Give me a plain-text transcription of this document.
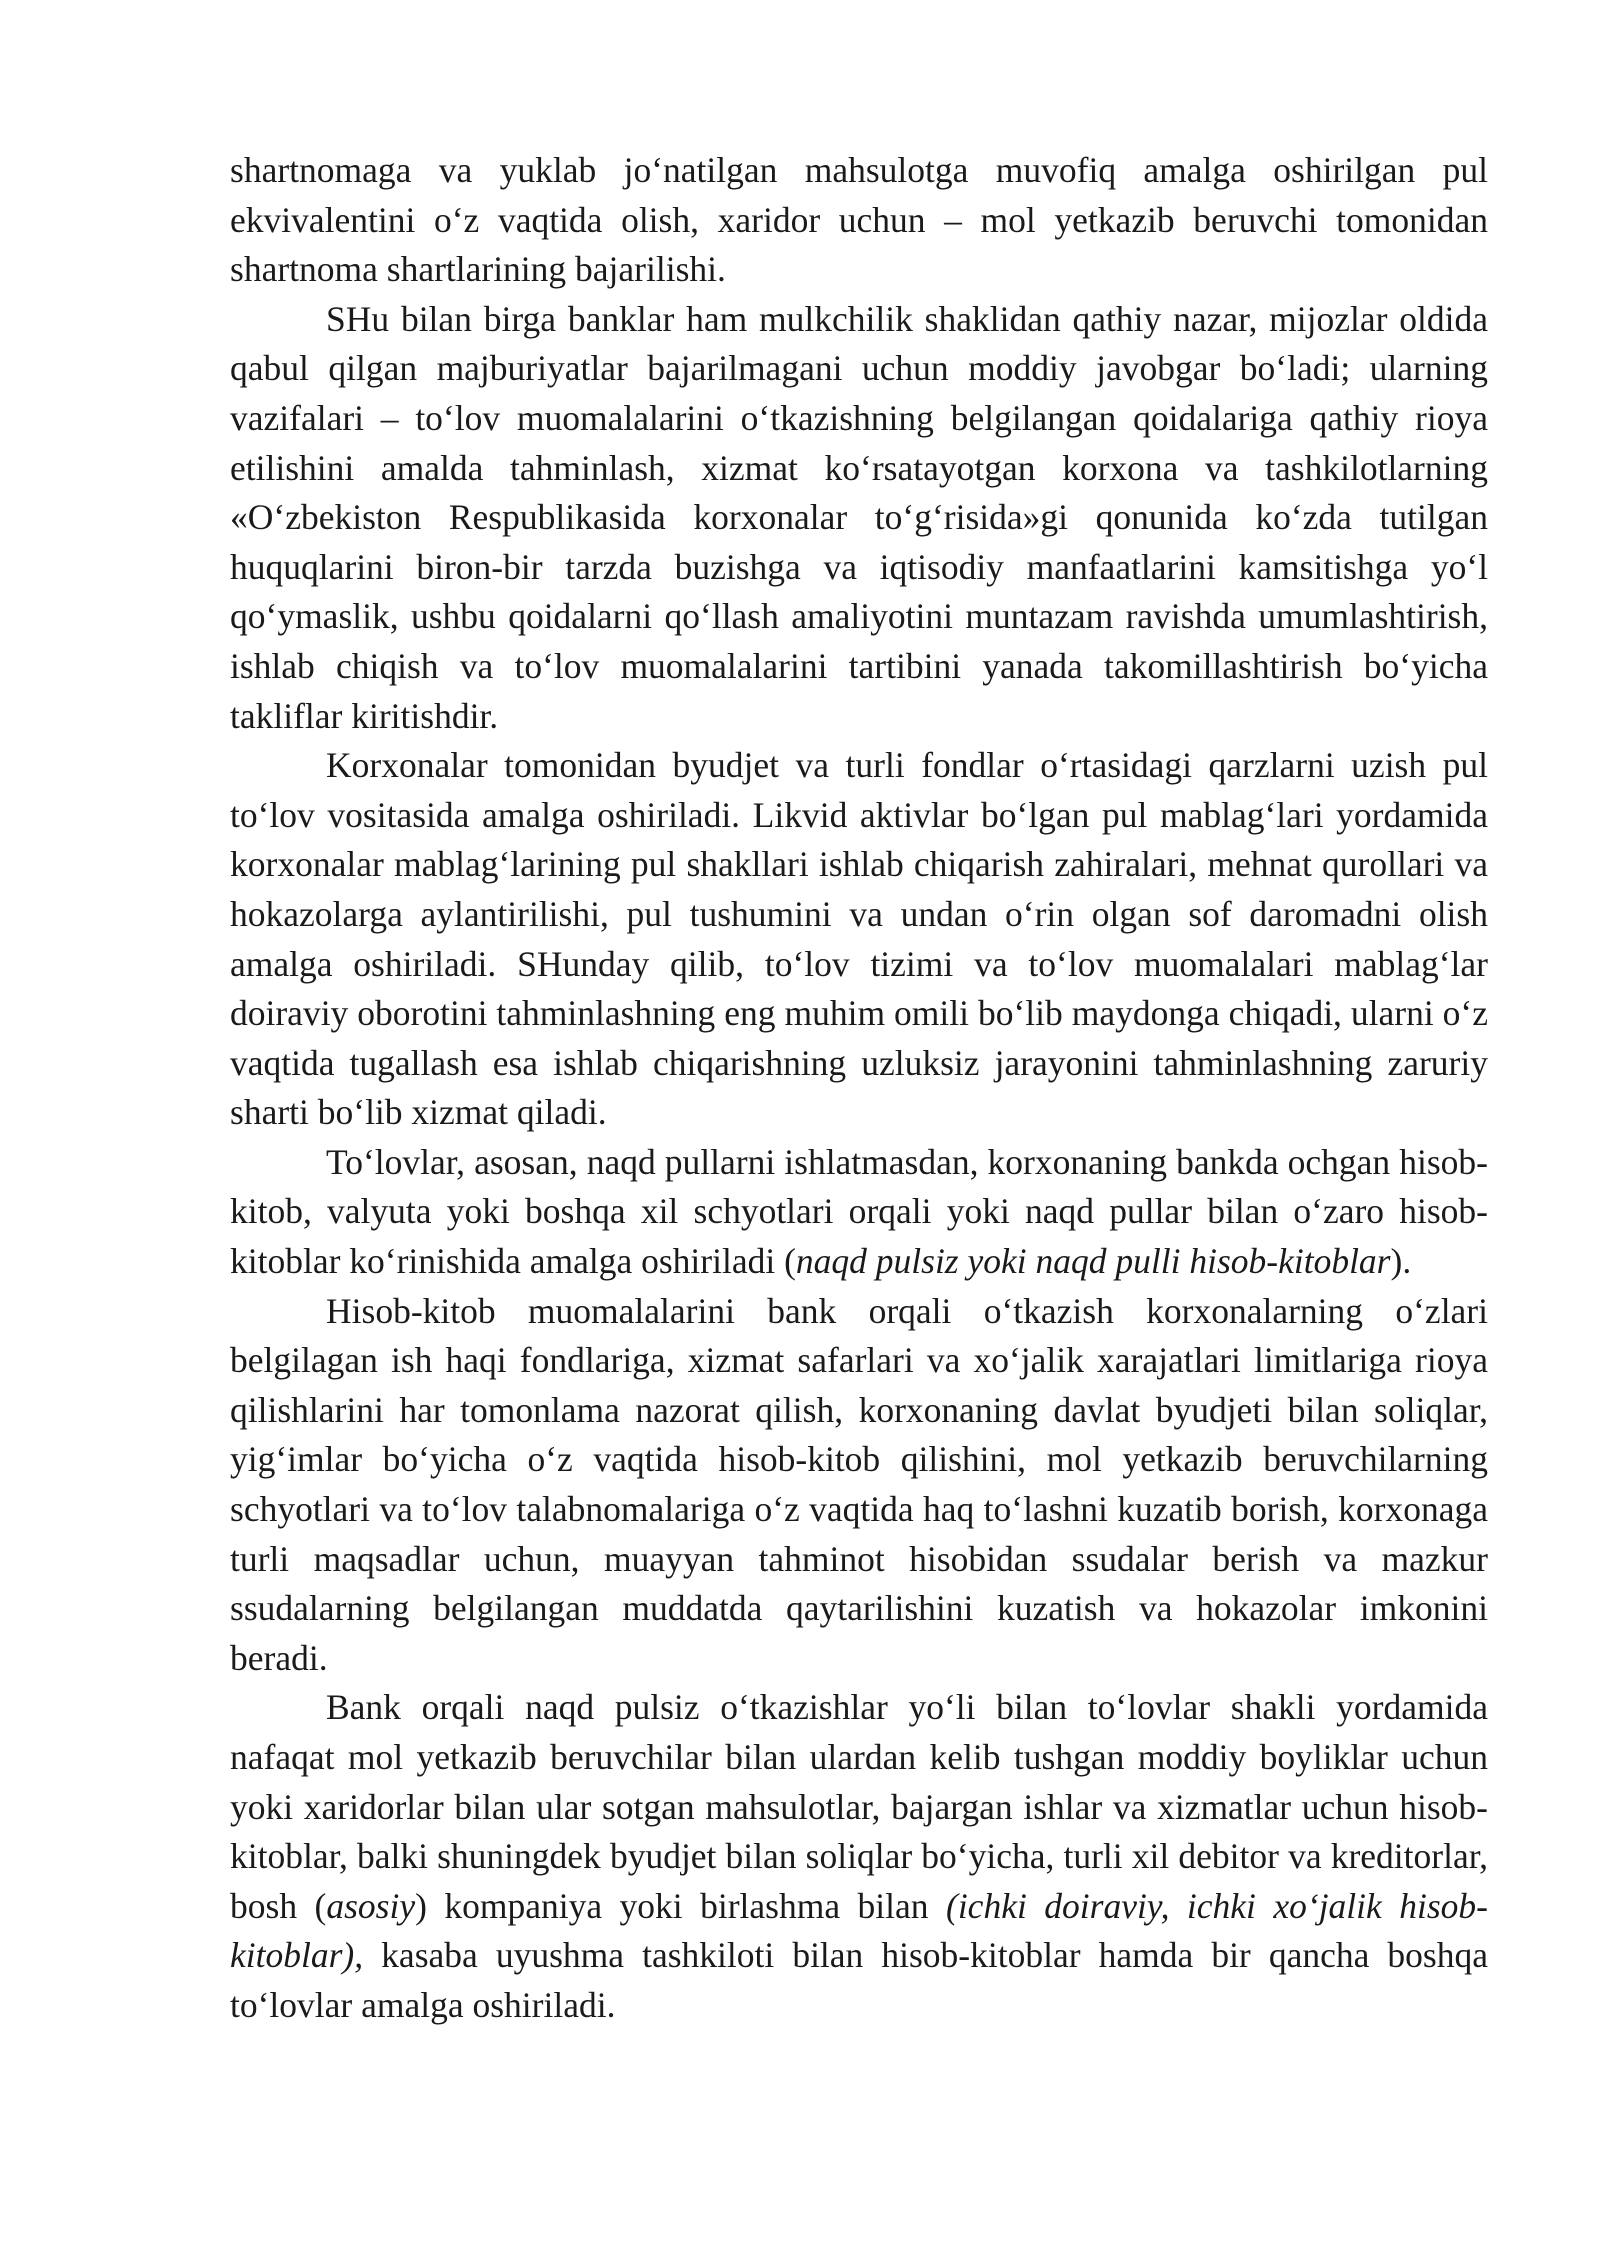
shartnomaga va yuklab joʻnatilgan mahsulotga muvofiq amalga oshirilgan pul ekvivalentini oʻz vaqtida olish, xaridor uchun – mol yetkazib beruvchi tomonidan shartnoma shartlarining bajarilishi.

SHu bilan birga banklar ham mulkchilik shaklidan qathiy nazar, mijozlar oldida qabul qilgan majburiyatlar bajarilmagani uchun moddiy javobgar boʻladi; ularning vazifalari – toʻlov muomalalarini oʻtkazishning belgilangan qoidalariga qathiy rioya etilishini amalda tahminlash, xizmat koʻrsatayotgan korxona va tashkilotlarning «Oʻzbekiston Respublikasida korxonalar toʻgʻrisida»gi qonunida koʻzda tutilgan huquqlarini biron-bir tarzda buzishga va iqtisodiy manfaatlarini kamsitishga yoʻl qoʻymaslik, ushbu qoidalarni qoʻllash amaliyotini muntazam ravishda umumlashtirish, ishlab chiqish va toʻlov muomalalarini tartibini yanada takomillashtirish boʻyicha takliflar kiritishdir.

Korxonalar tomonidan byudjet va turli fondlar oʻrtasidagi qarzlarni uzish pul toʻlov vositasida amalga oshiriladi. Likvid aktivlar boʻlgan pul mablagʻlari yordamida korxonalar mablagʻlarining pul shakllari ishlab chiqarish zahiralari, mehnat qurollari va hokazolarga aylantirilishi, pul tushumini va undan oʻrin olgan sof daromadni olish amalga oshiriladi. SHunday qilib, toʻlov tizimi va toʻlov muomalalari mablagʻlar doiraviy oborotini tahminlashning eng muhim omili boʻlib maydonga chiqadi, ularni oʻz vaqtida tugallash esa ishlab chiqarishning uzluksiz jarayonini tahminlashning zaruriy sharti boʻlib xizmat qiladi.

Toʻlovlar, asosan, naqd pullarni ishlatmasdan, korxonaning bankda ochgan hisob-kitob, valyuta yoki boshqa xil schyotlari orqali yoki naqd pullar bilan oʻzaro hisob-kitoblar koʻrinishida amalga oshiriladi (naqd pulsiz yoki naqd pulli hisob-kitoblar).

Hisob-kitob muomalalarini bank orqali oʻtkazish korxonalarning oʻzlari belgilagan ish haqi fondlariga, xizmat safarlari va xoʻjalik xarajatlari limitlariga rioya qilishlarini har tomonlama nazorat qilish, korxonaning davlat byudjeti bilan soliqlar, yigʻimlar boʻyicha oʻz vaqtida hisob-kitob qilishini, mol yetkazib beruvchilarning schyotlari va toʻlov talabnomalariga oʻz vaqtida haq toʻlashni kuzatib borish, korxonaga turli maqsadlar uchun, muayyan tahminot hisobidan ssudalar berish va mazkur ssudalarning belgilangan muddatda qaytarilishini kuzatish va hokazolar imkonini beradi.

Bank orqali naqd pulsiz oʻtkazishlar yoʻli bilan toʻlovlar shakli yordamida nafaqat mol yetkazib beruvchilar bilan ulardan kelib tushgan moddiy boyliklar uchun yoki xaridorlar bilan ular sotgan mahsulotlar, bajargan ishlar va xizmatlar uchun hisob-kitoblar, balki shuningdek byudjet bilan soliqlar boʻyicha, turli xil debitor va kreditorlar, bosh (asosiy) kompaniya yoki birlashma bilan (ichki doiraviy, ichki xoʻjalik hisob-kitoblar), kasaba uyushma tashkiloti bilan hisob-kitoblar hamda bir qancha boshqa toʻlovlar amalga oshiriladi.
